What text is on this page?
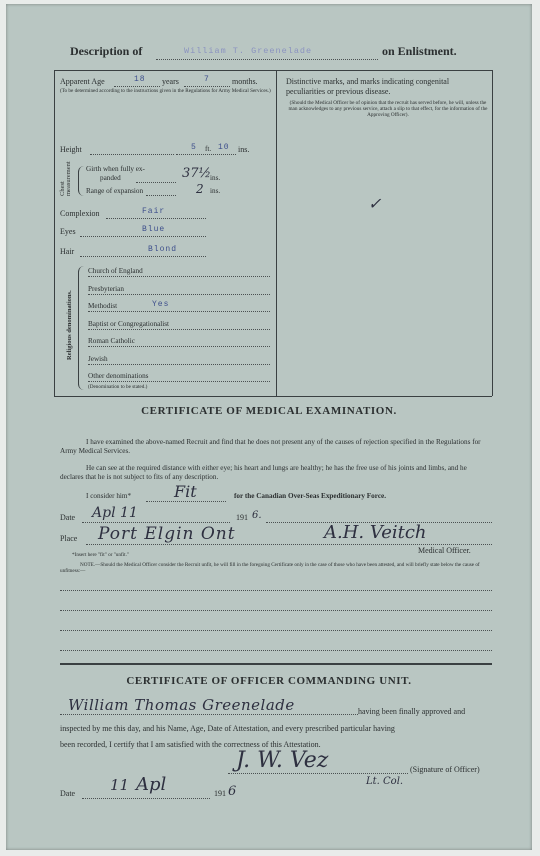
Description of	William T. Greenelade	on Enlistment.
Apparent Age	18 years	7	months.
(To be determined according to the instructions given in the Regulations for Army Medical Services.)
Height	5 ft. 10 ins.
Chest measurement Girth when fully ex-
panded	37½
ins.
Range of expansion	2 ins.
Complexion	Fair
Eyes	Blue
Hair	Blond
Religious denominations.
(Denomination to be stated.)
Distinctive marks, and marks indicating congenital peculiarities or previous disease.
(Should the Medical Officer be of opinion that the recruit has served before, he will, unless the man acknowledges to any previous service, attach a slip to that effect, for the information of the Approving Officer).
✓
CERTIFICATE OF MEDICAL EXAMINATION.
I have examined the above-named Recruit and find that he does not present any of the causes of rejection specified in the Regulations for Army Medical Services.
He can see at the required distance with either eye; his heart and lungs are healthy; he has the free use of his joints and limbs, and he declares that he is not subject to fits of any description.
I consider him*	Fit	for the Canadian Over-Seas Expeditionary Force.
Date Apl 11	191 6.
Place Port Elgin Ont	A.H. Veitch
Medical Officer.
*Insert here "fit" or "unfit."
NOTE.—Should the Medical Officer consider the Recruit unfit, he will fill in the foregoing Certificate only in the case of those who have been attested, and will briefly state below the cause of unfitness:—
CERTIFICATE OF OFFICER COMMANDING UNIT.
William Thomas Greenelade	having been finally approved and
inspected by me this day, and his Name, Age, Date of Attestation, and every prescribed particular having
been recorded, I certify that I am satisfied with the correctness of this Attestation.
J. W. Vez	(Signature of Officer)
Lt. Col.
Date 11 Apl	191 6
Church of England
Presbyterian
Methodist	Yes
Baptist or Congregationalist
Roman Catholic
Jewish
Other denominations
